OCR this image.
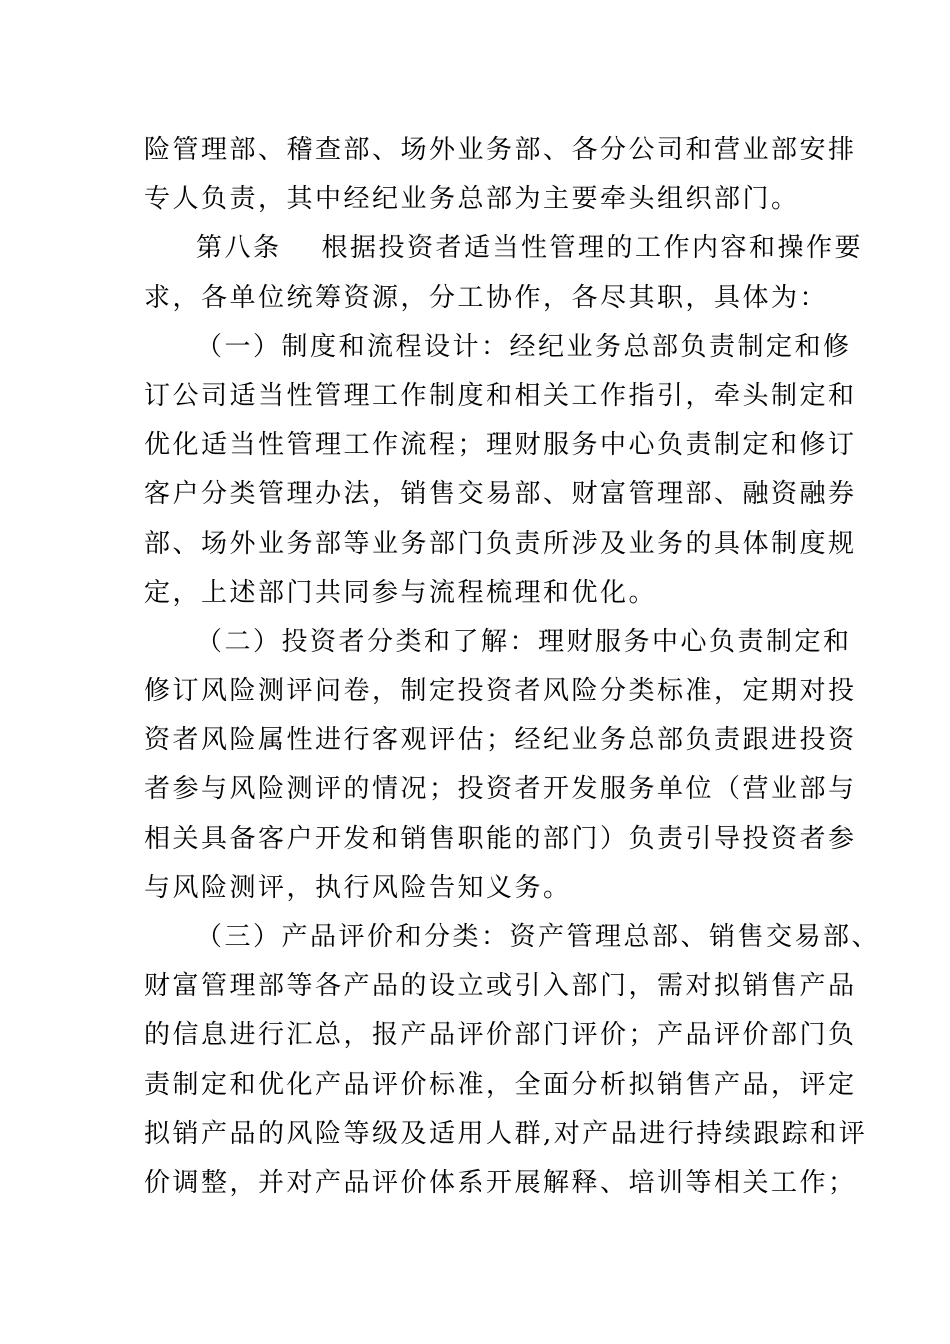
险管理部、稽查部、场外业务部、各分公司和营业部安排
专人负责，其中经纪业务总部为主要牵头组织部门。
第八条 根据投资者适当性管理的工作内容和操作要
求，各单位统筹资源，分工协作，各尽其职，具体为：
（一）制度和流程设计：经纪业务总部负责制定和修
订公司适当性管理工作制度和相关工作指引，牵头制定和
优化适当性管理工作流程；理财服务中心负责制定和修订
客户分类管理办法，销售交易部、财富管理部、融资融券
部、场外业务部等业务部门负责所涉及业务的具体制度规
定，上述部门共同参与流程梳理和优化。
（二）投资者分类和了解：理财服务中心负责制定和
修订风险测评问卷，制定投资者风险分类标准，定期对投
资者风险属性进行客观评估；经纪业务总部负责跟进投资
者参与风险测评的情况；投资者开发服务单位（营业部与
相关具备客户开发和销售职能的部门）负责引导投资者参
与风险测评，执行风险告知义务。
（三）产品评价和分类：资产管理总部、销售交易部、
财富管理部等各产品的设立或引入部门，需对拟销售产品
的信息进行汇总，报产品评价部门评价；产品评价部门负
责制定和优化产品评价标准，全面分析拟销售产品，评定
拟销产品的风险等级及适用人群,对产品进行持续跟踪和评
价调整，并对产品评价体系开展解释、培训等相关工作；
